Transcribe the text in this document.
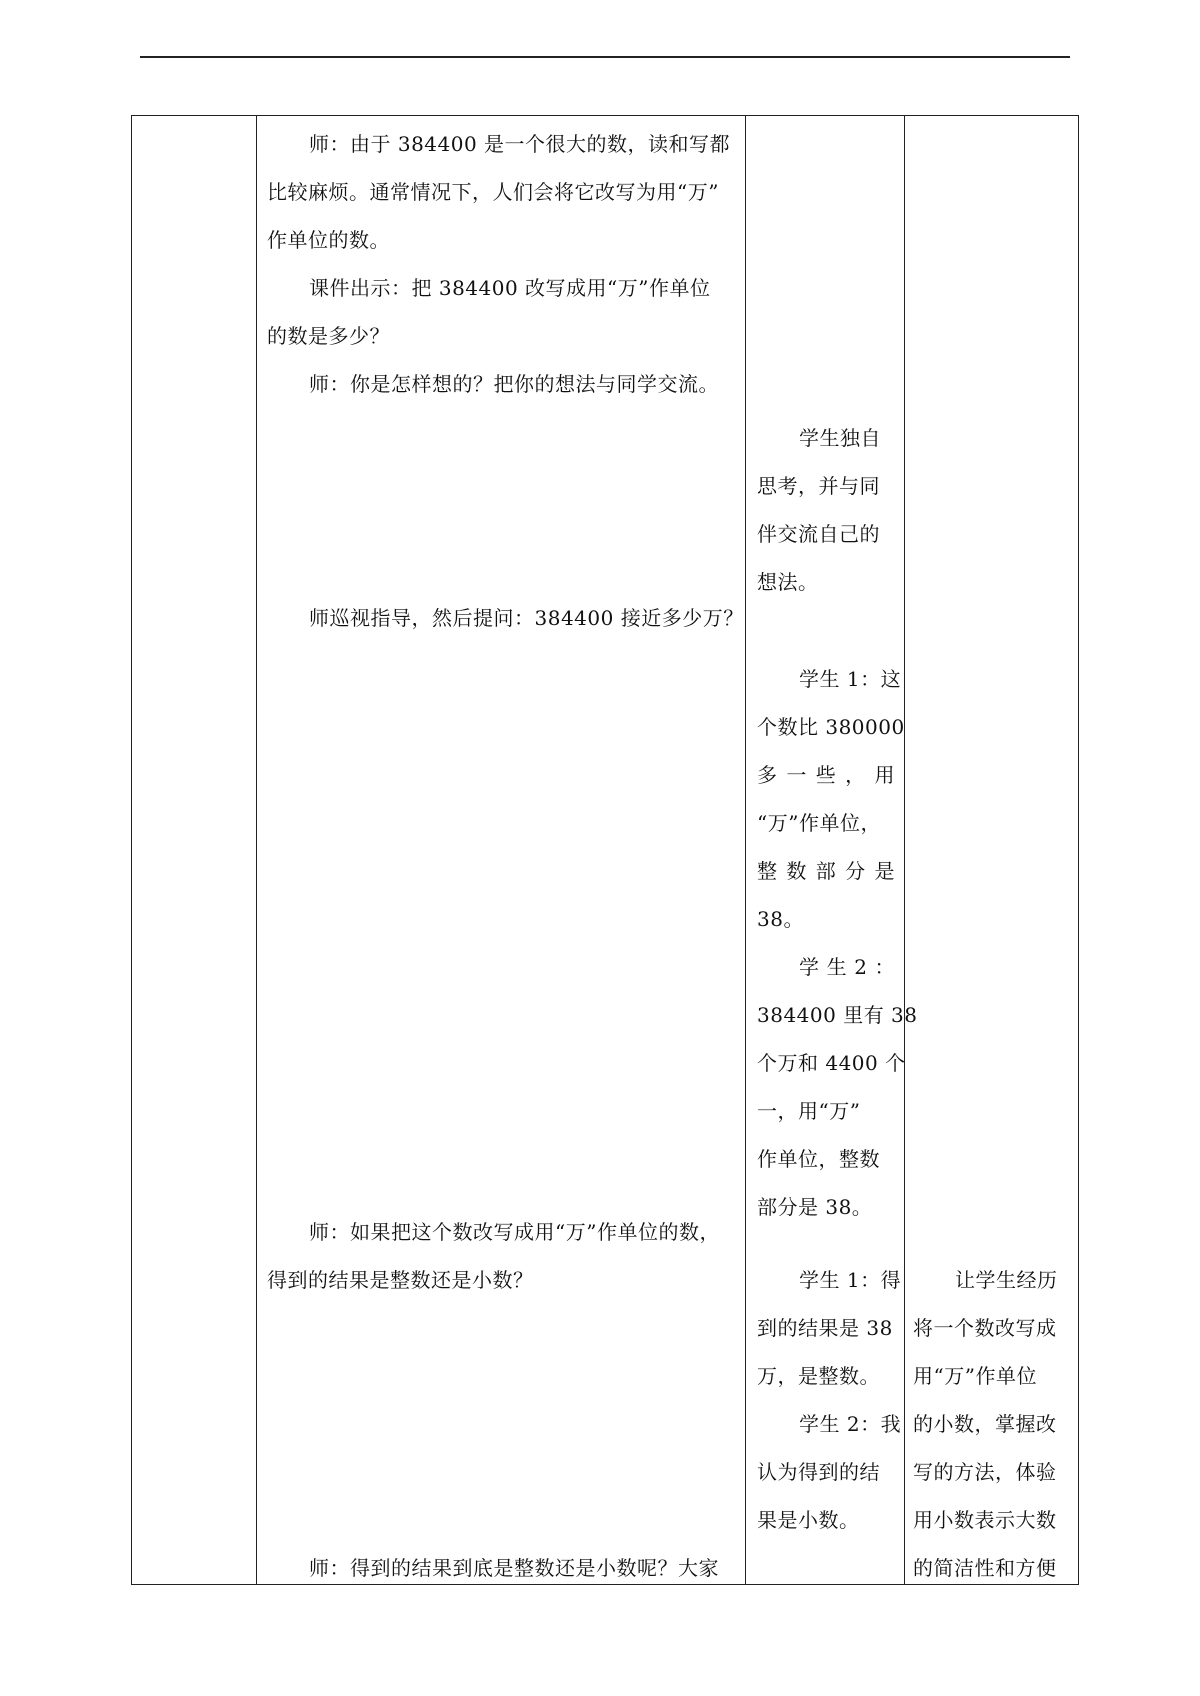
师：由于 384400 是一个很大的数，读和写都

比较麻烦。通常情况下，人们会将它改写为用“万”

作单位的数。

课件出示：把 384400 改写成用“万”作单位

的数是多少？

师：你是怎样想的？把你的想法与同学交流。

师巡视指导，然后提问：384400 接近多少万？

师：如果把这个数改写成用“万”作单位的数，

得到的结果是整数还是小数？

师：得到的结果到底是整数还是小数呢？大家

学生独自

思考，并与同

伴交流自己的

想法。

学生 1：这

个数比 380000

多 一 些 ， 用

“万”作单位，

整 数 部 分 是

38。

学 生 2 ：

384400 里有 38

个万和 4400 个

一，用“万”

作单位，整数

部分是 38。

学生 1：得

到的结果是 38

万，是整数。

学生 2：我

认为得到的结

果是小数。

让学生经历

将一个数改写成

用“万”作单位

的小数，掌握改

写的方法，体验

用小数表示大数

的简洁性和方便
